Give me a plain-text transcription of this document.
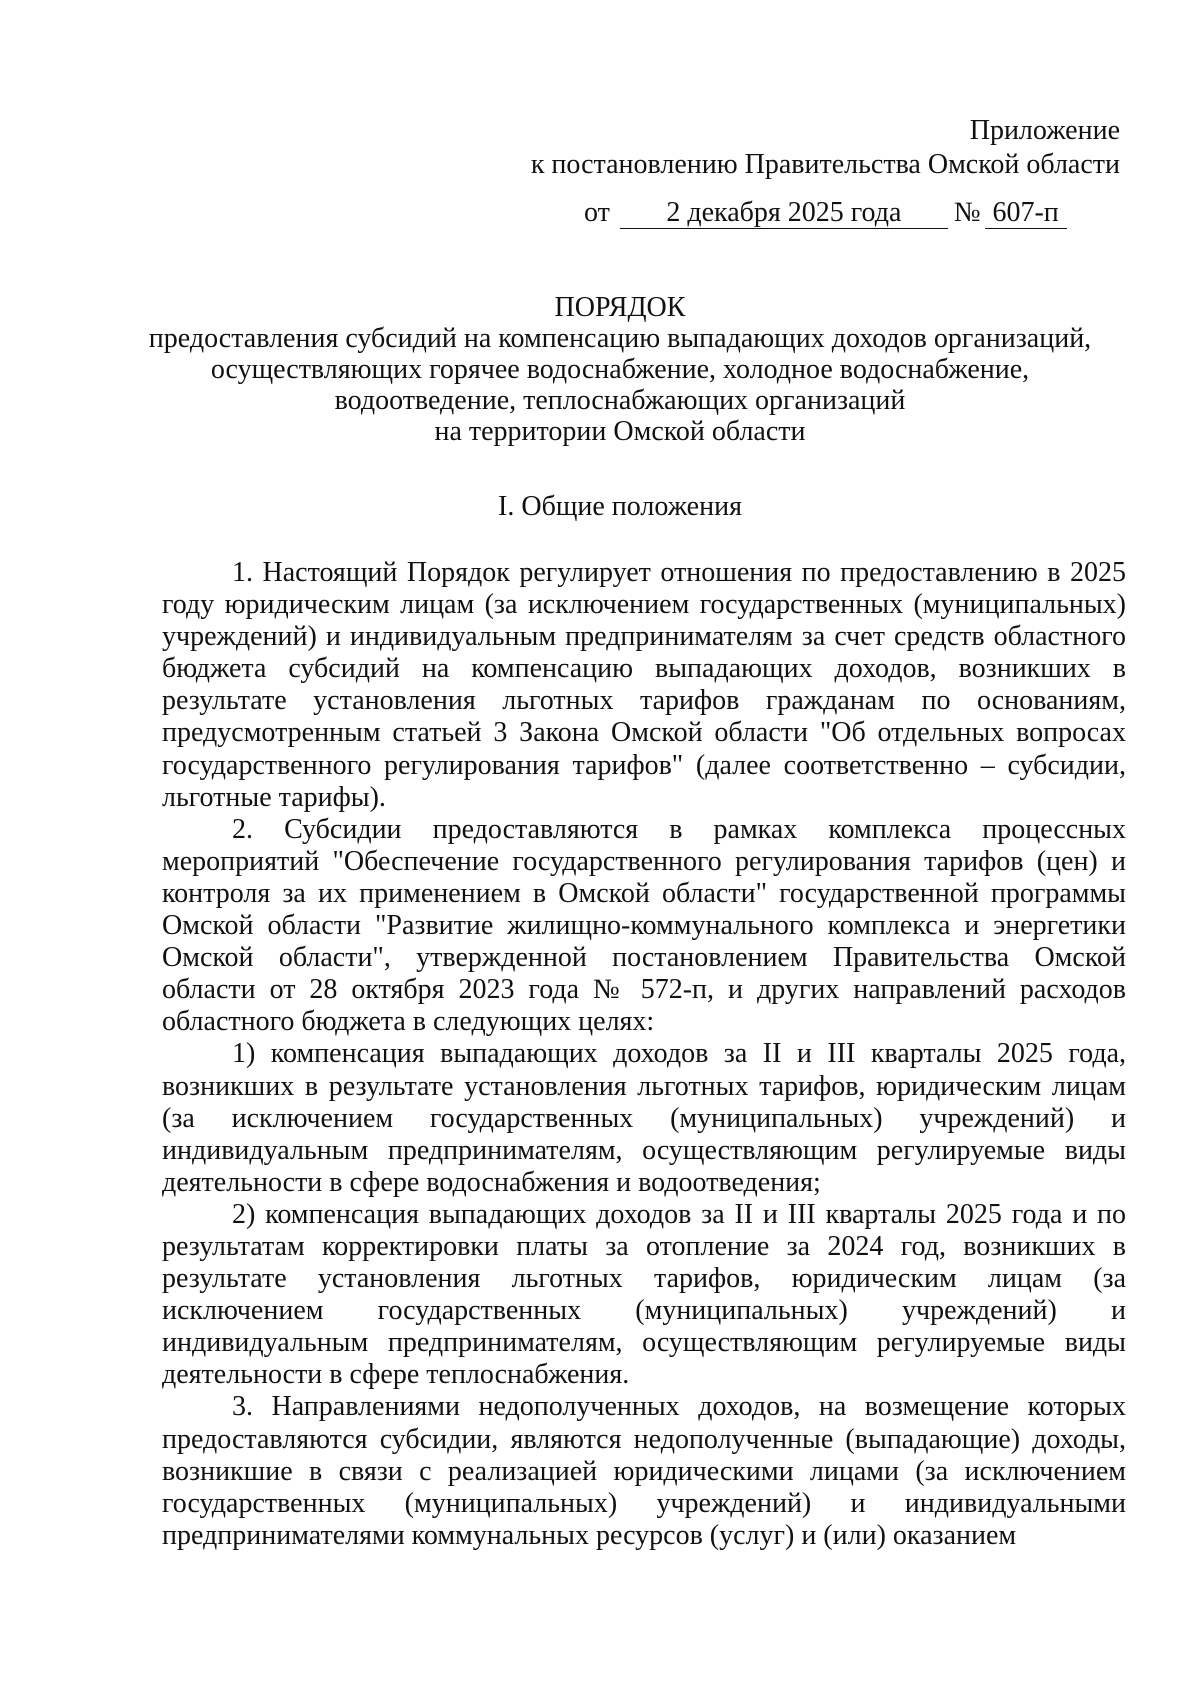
Приложение
к постановлению Правительства Омской области
от 2 декабря 2025 года № 607-п
ПОРЯДОК
предоставления субсидий на компенсацию выпадающих доходов организаций,
осуществляющих горячее водоснабжение, холодное водоснабжение,
водоотведение, теплоснабжающих организаций
на территории Омской области
I. Общие положения

1. Настоящий Порядок регулирует отношения по предоставлению в 2025 году юридическим лицам (за исключением государственных (муниципальных) учреждений) и индивидуальным предпринимателям за счет средств областного бюджета субсидий на компенсацию выпадающих доходов, возникших в результате установления льготных тарифов гражданам по основаниям, предусмотренным статьей 3 Закона Омской области "Об отдельных вопросах государственного регулирования тарифов" (далее соответственно – субсидии, льготные тарифы).

2. Субсидии предоставляются в рамках комплекса процессных мероприятий "Обеспечение государственного регулирования тарифов (цен) и контроля за их применением в Омской области" государственной программы Омской области "Развитие жилищно-коммунального комплекса и энергетики Омской области", утвержденной постановлением Правительства Омской области от 28 октября 2023 года № 572-п, и других направлений расходов областного бюджета в следующих целях:

1) компенсация выпадающих доходов за II и III кварталы 2025 года, возникших в результате установления льготных тарифов, юридическим лицам (за исключением государственных (муниципальных) учреждений) и индивидуальным предпринимателям, осуществляющим регулируемые виды деятельности в сфере водоснабжения и водоотведения;

2) компенсация выпадающих доходов за II и III кварталы 2025 года и по результатам корректировки платы за отопление за 2024 год, возникших в результате установления льготных тарифов, юридическим лицам (за исключением государственных (муниципальных) учреждений) и индивидуальным предпринимателям, осуществляющим регулируемые виды деятельности в сфере теплоснабжения.

3. Направлениями недополученных доходов, на возмещение которых предоставляются субсидии, являются недополученные (выпадающие) доходы, возникшие в связи с реализацией юридическими лицами (за исключением государственных (муниципальных) учреждений) и индивидуальными предпринимателями коммунальных ресурсов (услуг) и (или) оказанием
